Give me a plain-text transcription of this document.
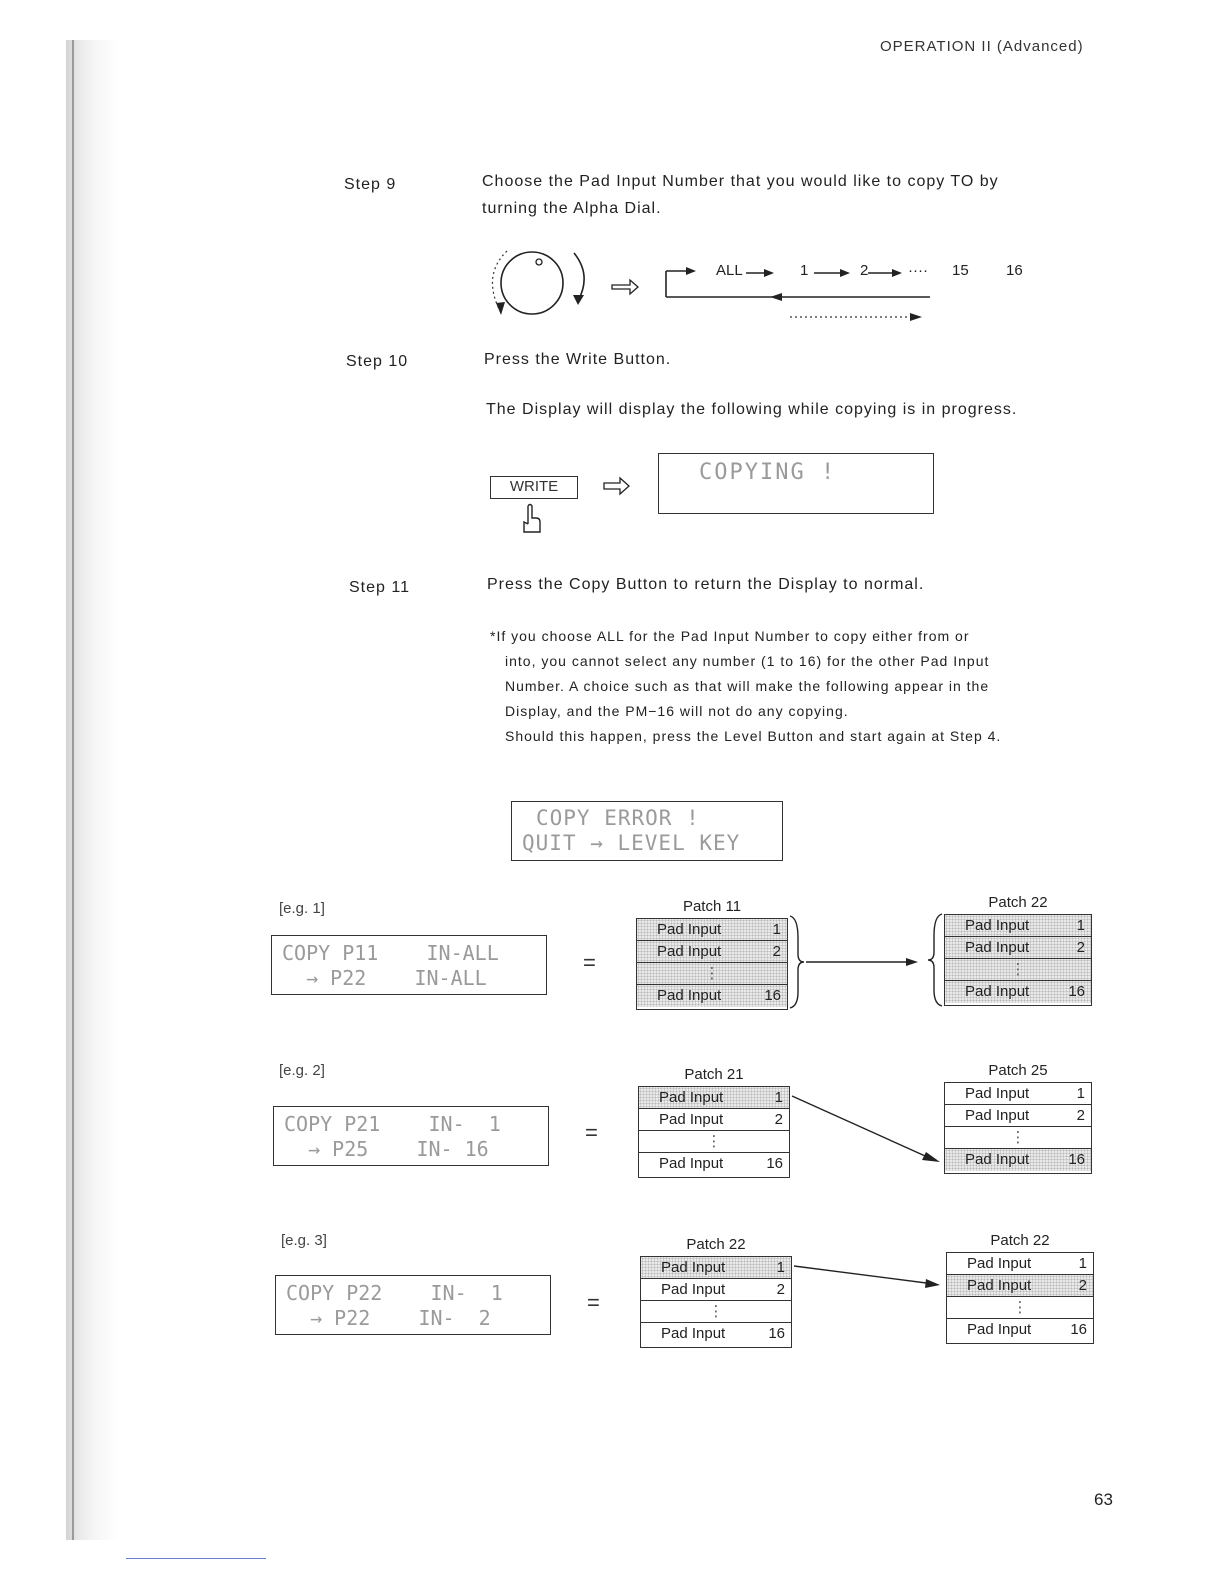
OPERATION II (Advanced)
Step 9	Choose the Pad Input Number that you would like to copy TO by
turning the Alpha Dial.
ALL	1	2	···· 15 16
Step 10	Press the Write Button.
The Display will display the following while copying is in progress.
WRITE

COPYING !

Step 11	Press the Copy Button to return the Display to normal.
*If you choose ALL for the Pad Input Number to copy either from or
into, you cannot select any number (1 to 16) for the other Pad Input
Number. A choice such as that will make the following appear in the
Display, and the PM−16 will not do any copying.
Should this happen, press the Level Button and start again at Step 4.

COPY ERROR !

QUIT → LEVEL KEY

[e.g. 1]

COPY P11    IN-ALL

→ P22    IN-ALL

=
Patch 11
Pad Input	1
Pad Input	2
⋮
Pad Input	16
Patch 22
Pad Input	1
Pad Input	2
⋮
Pad Input	16
[e.g. 2]

COPY P21    IN-  1

→ P25    IN- 16

=
Patch 21
Pad Input	1
Pad Input	2
⋮
Pad Input	16
Patch 25
Pad Input	1
Pad Input	2
⋮
Pad Input	16
[e.g. 3]

COPY P22    IN-  1

→ P22    IN-  2

=
Patch 22
Pad Input	1
Pad Input	2
⋮
Pad Input	16
Patch 22
Pad Input	1
Pad Input	2
⋮
Pad Input	16
63
